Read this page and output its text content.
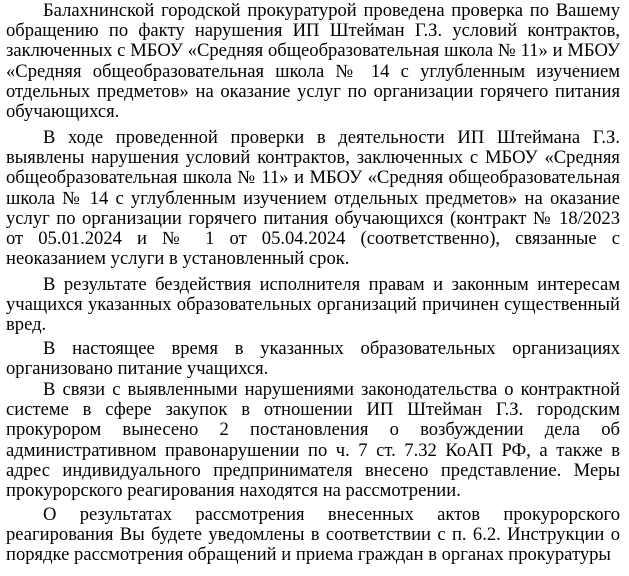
Балахнинской городской прокуратурой проведена проверка по Вашему обращению по факту нарушения ИП Штейман Г.З. условий контрактов, заключенных с МБОУ «Средняя общеобразовательная школа № 11» и МБОУ «Средняя общеобразовательная школа № 14 с углубленным изучением отдельных предметов» на оказание услуг по организации горячего питания обучающихся.

В ходе проведенной проверки в деятельности ИП Штеймана Г.З. выявлены нарушения условий контрактов, заключенных с МБОУ «Средняя общеобразовательная школа № 11» и МБОУ «Средняя общеобразовательная школа № 14 с углубленным изучением отдельных предметов» на оказание услуг по организации горячего питания обучающихся (контракт № 18/2023 от 05.01.2024 и № 1 от 05.04.2024 (соответственно), связанные с неоказанием услуги в установленный срок.

В результате бездействия исполнителя правам и законным интересам учащихся указанных образовательных организаций причинен существенный вред.

В настоящее время в указанных образовательных организациях организовано питание учащихся.

В связи с выявленными нарушениями законодательства о контрактной системе в сфере закупок в отношении ИП Штейман Г.З. городским прокурором вынесено 2 постановления о возбуждении дела об административном правонарушении по ч. 7 ст. 7.32 КоАП РФ, а также в адрес индивидуального предпринимателя внесено представление. Меры прокурорского реагирования находятся на рассмотрении.

О результатах рассмотрения внесенных актов прокурорского реагирования Вы будете уведомлены в соответствии с п. 6.2. Инструкции о порядке рассмотрения обращений и приема граждан в органах прокуратуры
